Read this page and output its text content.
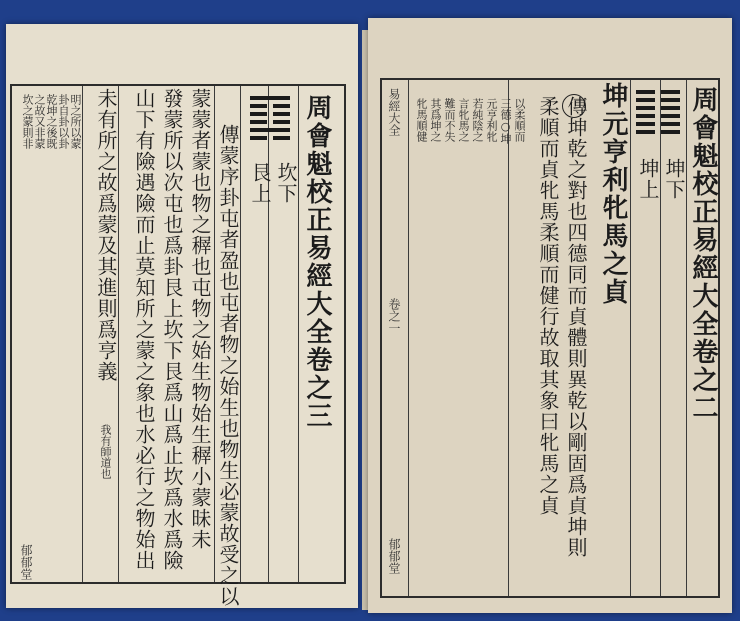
周會魁校正易經大全卷之三
坎下
艮上
傳蒙序卦屯者盈也屯者物之始生也物生必蒙故受之以
蒙蒙者蒙也物之稺也屯物之始生物始生稺小蒙昧未
發蒙所以次屯也爲卦艮上坎下艮爲山爲止坎爲水爲險
山下有險遇險而止莫知所之蒙之象也水必行之物始出
未有所之故爲蒙及其進則爲亨義
我有師道也
明之所以蒙
卦自卦以卦
乾坤之後既
之故又非蒙
坎之蒙則非
郁郁堂
易經大全
卷之一
郁郁堂
周會魁校正易經大全卷之二
坤下
坤上
坤元亨利牝馬之貞
傳坤乾之對也四德同而貞體則異乾以剛固爲貞坤則
柔順而貞牝馬柔順而健行故取其象曰牝馬之貞
以柔順而
三德○坤
元亨利牝
若純陰之
言牝馬之
難而不失
其爲坤之
牝馬順健
